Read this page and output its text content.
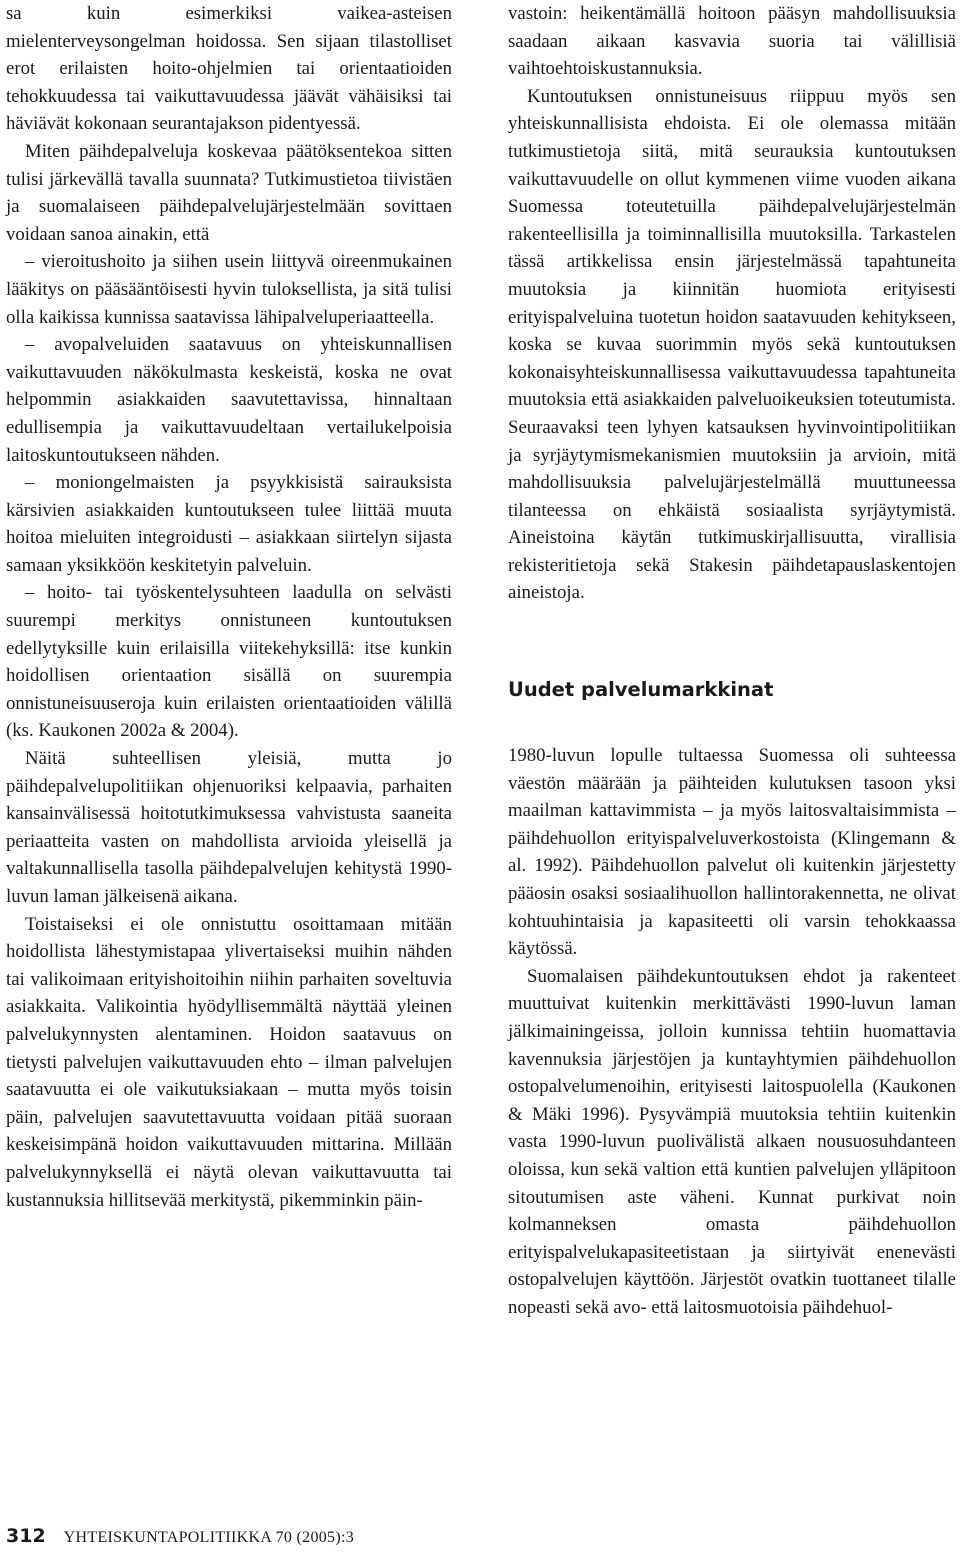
sa kuin esimerkiksi vaikea-asteisen mielenterveysongelman hoidossa. Sen sijaan tilastolliset erot erilaisten hoito-ohjelmien tai orientaatioiden tehokkuudessa tai vaikuttavuudessa jäävät vähäisiksi tai häviävät kokonaan seurantajakson pidentyessä.

Miten päihdepalveluja koskevaa päätöksentekoa sitten tulisi järkevällä tavalla suunnata? Tutkimustietoa tiivistäen ja suomalaiseen päihdepalvelujärjestelmään sovittaen voidaan sanoa ainakin, että

– vieroitushoito ja siihen usein liittyvä oireenmukainen lääkitys on pääsääntöisesti hyvin tuloksellista, ja sitä tulisi olla kaikissa kunnissa saatavissa lähipalveluperiaatteella.

– avopalveluiden saatavuus on yhteiskunnallisen vaikuttavuuden näkökulmasta keskeistä, koska ne ovat helpommin asiakkaiden saavutettavissa, hinnaltaan edullisempia ja vaikuttavuudeltaan vertailukelpoisia laitoskuntoutukseen nähden.

– moniongelmaisten ja psyykkisistä sairauksista kärsivien asiakkaiden kuntoutukseen tulee liittää muuta hoitoa mieluiten integroidusti – asiakkaan siirtelyn sijasta samaan yksikköön keskitetyin palveluin.

– hoito- tai työskentelysuhteen laadulla on selvästi suurempi merkitys onnistuneen kuntoutuksen edellytyksille kuin erilaisilla viitekehyksillä: itse kunkin hoidollisen orientaation sisällä on suurempia onnistuneisuuseroja kuin erilaisten orientaatioiden välillä (ks. Kaukonen 2002a & 2004).

Näitä suhteellisen yleisiä, mutta jo päihdepalvelupolitiikan ohjenuoriksi kelpaavia, parhaiten kansainvälisessä hoitotutkimuksessa vahvistusta saaneita periaatteita vasten on mahdollista arvioida yleisellä ja valtakunnallisella tasolla päihdepalvelujen kehitystä 1990-luvun laman jälkeisenä aikana.

Toistaiseksi ei ole onnistuttu osoittamaan mitään hoidollista lähestymistapaa ylivertaiseksi muihin nähden tai valikoimaan erityishoitoihin niihin parhaiten soveltuvia asiakkaita. Valikointia hyödyllisemmältä näyttää yleinen palvelukynnysten alentaminen. Hoidon saatavuus on tietysti palvelujen vaikuttavuuden ehto – ilman palvelujen saatavuutta ei ole vaikutuksiakaan – mutta myös toisin päin, palvelujen saavutettavuutta voidaan pitää suoraan keskeisimpänä hoidon vaikuttavuuden mittarina. Millään palvelukynnyksellä ei näytä olevan vaikuttavuutta tai kustannuksia hillitsevää merkitystä, pikemminkin päin-

vastoin: heikentämällä hoitoon pääsyn mahdollisuuksia saadaan aikaan kasvavia suoria tai välillisiä vaihtoehtoiskustannuksia.

Kuntoutuksen onnistuneisuus riippuu myös sen yhteiskunnallisista ehdoista. Ei ole olemassa mitään tutkimustietoja siitä, mitä seurauksia kuntoutuksen vaikuttavuudelle on ollut kymmenen viime vuoden aikana Suomessa toteutetuilla päihdepalvelujärjestelmän rakenteellisilla ja toiminnallisilla muutoksilla. Tarkastelen tässä artikkelissa ensin järjestelmässä tapahtuneita muutoksia ja kiinnitän huomiota erityisesti erityispalveluina tuotetun hoidon saatavuuden kehitykseen, koska se kuvaa suorimmin myös sekä kuntoutuksen kokonaisyhteiskunnallisessa vaikuttavuudessa tapahtuneita muutoksia että asiakkaiden palveluoikeuksien toteutumista. Seuraavaksi teen lyhyen katsauksen hyvinvointipolitiikan ja syrjäytymismekanismien muutoksiin ja arvioin, mitä mahdollisuuksia palvelujärjestelmällä muuttuneessa tilanteessa on ehkäistä sosiaalista syrjäytymistä. Aineistoina käytän tutkimuskirjallisuutta, virallisia rekisteritietoja sekä Stakesin päihdetapauslaskentojen aineistoja.

Uudet palvelumarkkinat

1980-luvun lopulle tultaessa Suomessa oli suhteessa väestön määrään ja päihteiden kulutuksen tasoon yksi maailman kattavimmista – ja myös laitosvaltaisimmista – päihdehuollon erityispalveluverkostoista (Klingemann & al. 1992). Päihdehuollon palvelut oli kuitenkin järjestetty pääosin osaksi sosiaalihuollon hallintorakennetta, ne olivat kohtuuhintaisia ja kapasiteetti oli varsin tehokkaassa käytössä.

Suomalaisen päihdekuntoutuksen ehdot ja rakenteet muuttuivat kuitenkin merkittävästi 1990-luvun laman jälkimainingeissa, jolloin kunnissa tehtiin huomattavia kavennuksia järjestöjen ja kuntayhtymien päihdehuollon ostopalvelumenoihin, erityisesti laitospuolella (Kaukonen & Mäki 1996). Pysyvämpiä muutoksia tehtiin kuitenkin vasta 1990-luvun puolivälistä alkaen nousuosuhdanteen oloissa, kun sekä valtion että kuntien palvelujen ylläpitoon sitoutumisen aste väheni. Kunnat purkivat noin kolmanneksen omasta päihdehuollon erityispalvelukapasiteetistaan ja siirtyivät enenevästi ostopalvelujen käyttöön. Järjestöt ovatkin tuottaneet tilalle nopeasti sekä avo- että laitosmuotoisia päihdehuol-

312 YHTEISKUNTAPOLITIIKKA 70 (2005):3
